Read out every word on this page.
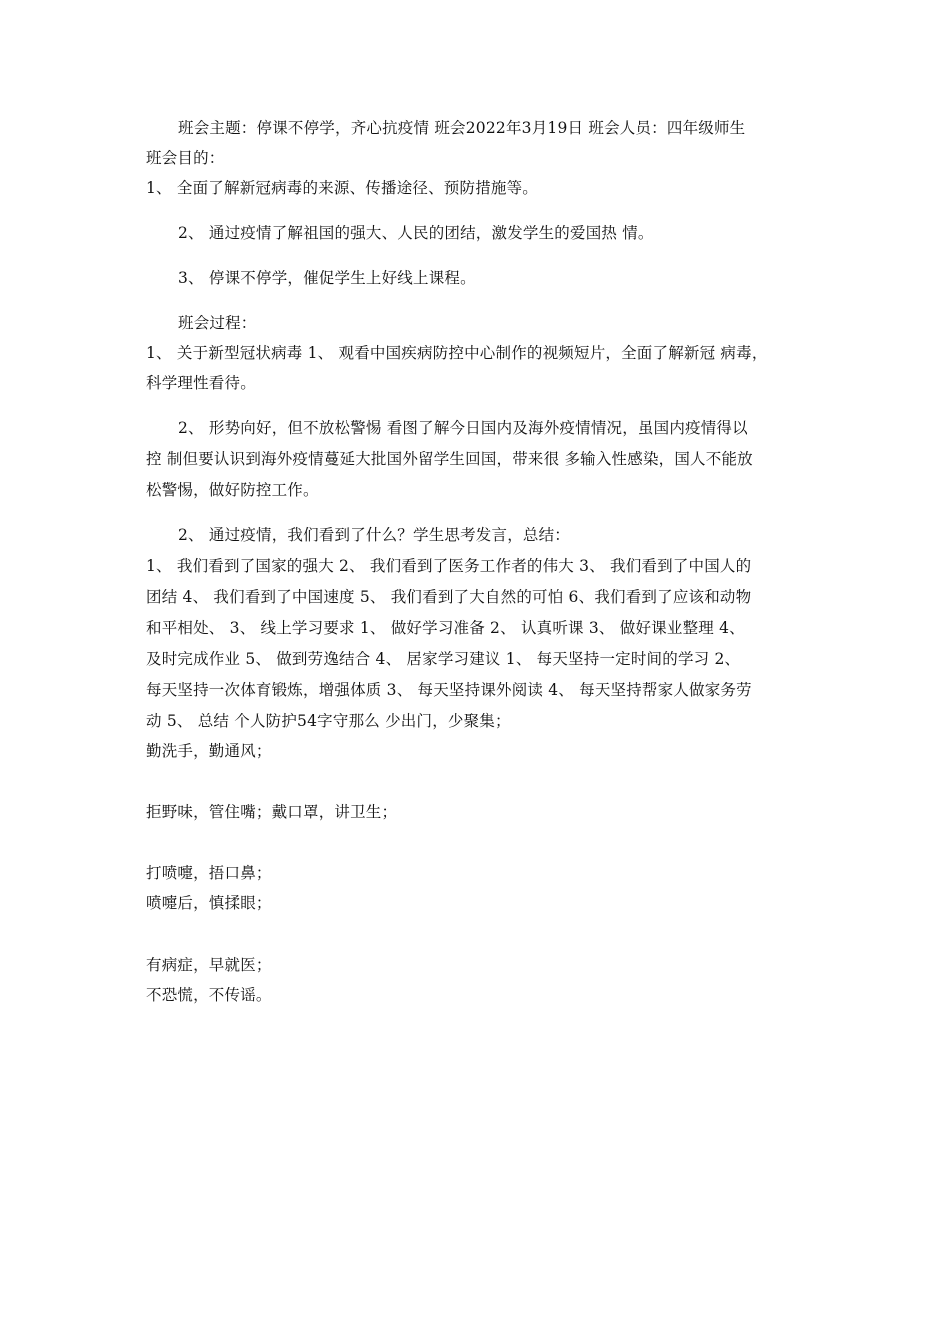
班会主题：停课不停学，齐心抗疫情 班会2022年3月19日 班会人员：四年级师生
班会目的：
1、 全面了解新冠病毒的来源、传播途径、预防措施等。
2、 通过疫情了解祖国的强大、人民的团结，激发学生的爱国热 情。
3、 停课不停学，催促学生上好线上课程。
班会过程：
1、 关于新型冠状病毒 1、 观看中国疾病防控中心制作的视频短片，全面了解新冠 病毒，
科学理性看待。
2、 形势向好，但不放松警惕 看图了解今日国内及海外疫情情况，虽国内疫情得以
控 制但要认识到海外疫情蔓延大批国外留学生回国，带来很 多输入性感染，国人不能放
松警惕，做好防控工作。
2、 通过疫情，我们看到了什么？学生思考发言，总结：
1、 我们看到了国家的强大 2、 我们看到了医务工作者的伟大 3、 我们看到了中国人的
团结 4、 我们看到了中国速度 5、 我们看到了大自然的可怕 6、我们看到了应该和动物
和平相处、 3、 线上学习要求 1、 做好学习准备 2、 认真听课 3、 做好课业整理 4、
及时完成作业 5、 做到劳逸结合 4、 居家学习建议 1、 每天坚持一定时间的学习 2、
每天坚持一次体育锻炼，增强体质 3、 每天坚持课外阅读 4、 每天坚持帮家人做家务劳
动 5、 总结 个人防护54字守那么 少出门，少聚集；
勤洗手，勤通风；
拒野味，管住嘴；戴口罩，讲卫生；
打喷嚏，捂口鼻；
喷嚏后，慎揉眼；
有病症，早就医；
不恐慌，不传谣。
